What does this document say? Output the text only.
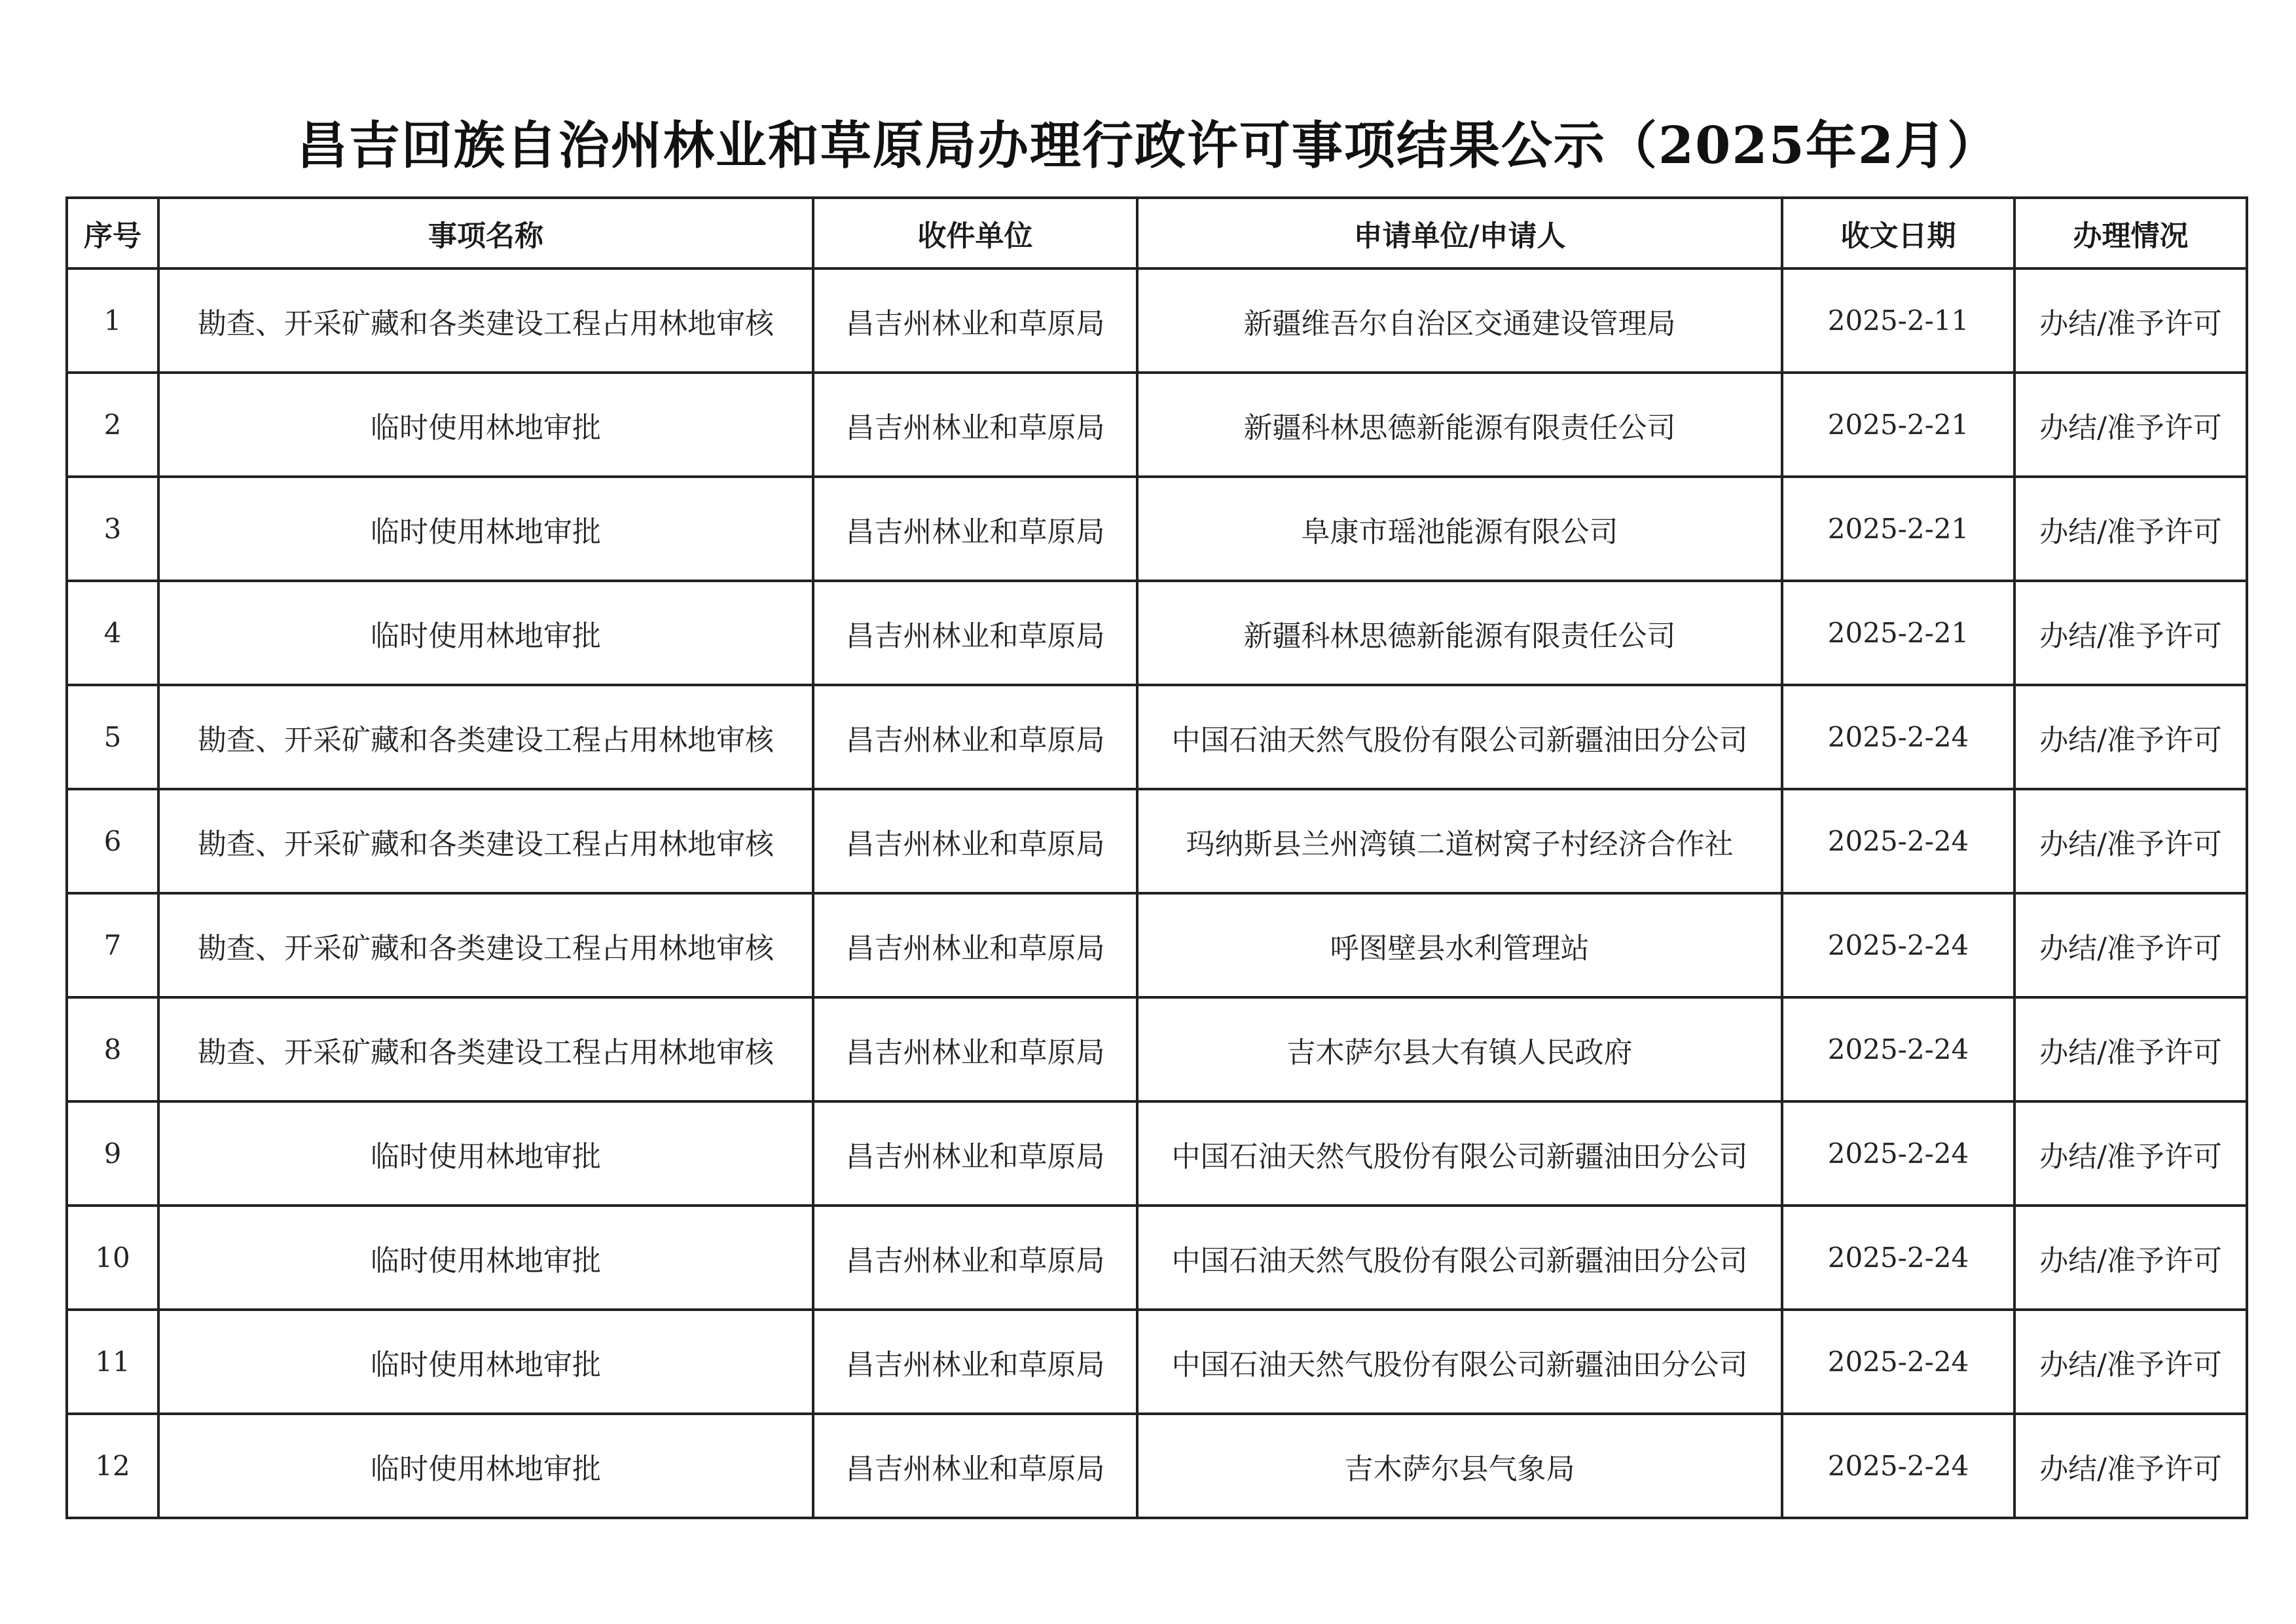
昌吉回族自治州林业和草原局办理行政许可事项结果公示（2025年2月）
序号	事项名称	收件单位	申请单位/申请人	收文日期	办理情况
1	勘查、开采矿藏和各类建设工程占用林地审核	昌吉州林业和草原局	新疆维吾尔自治区交通建设管理局	2025-2-11	办结/准予许可
2	临时使用林地审批	昌吉州林业和草原局	新疆科林思德新能源有限责任公司	2025-2-21	办结/准予许可
3	临时使用林地审批	昌吉州林业和草原局	阜康市瑶池能源有限公司	2025-2-21	办结/准予许可
4	临时使用林地审批	昌吉州林业和草原局	新疆科林思德新能源有限责任公司	2025-2-21	办结/准予许可
5	勘查、开采矿藏和各类建设工程占用林地审核	昌吉州林业和草原局	中国石油天然气股份有限公司新疆油田分公司	2025-2-24	办结/准予许可
6	勘查、开采矿藏和各类建设工程占用林地审核	昌吉州林业和草原局	玛纳斯县兰州湾镇二道树窝子村经济合作社	2025-2-24	办结/准予许可
7	勘查、开采矿藏和各类建设工程占用林地审核	昌吉州林业和草原局	呼图壁县水利管理站	2025-2-24	办结/准予许可
8	勘查、开采矿藏和各类建设工程占用林地审核	昌吉州林业和草原局	吉木萨尔县大有镇人民政府	2025-2-24	办结/准予许可
9	临时使用林地审批	昌吉州林业和草原局	中国石油天然气股份有限公司新疆油田分公司	2025-2-24	办结/准予许可
10	临时使用林地审批	昌吉州林业和草原局	中国石油天然气股份有限公司新疆油田分公司	2025-2-24	办结/准予许可
11	临时使用林地审批	昌吉州林业和草原局	中国石油天然气股份有限公司新疆油田分公司	2025-2-24	办结/准予许可
12	临时使用林地审批	昌吉州林业和草原局	吉木萨尔县气象局	2025-2-24	办结/准予许可
